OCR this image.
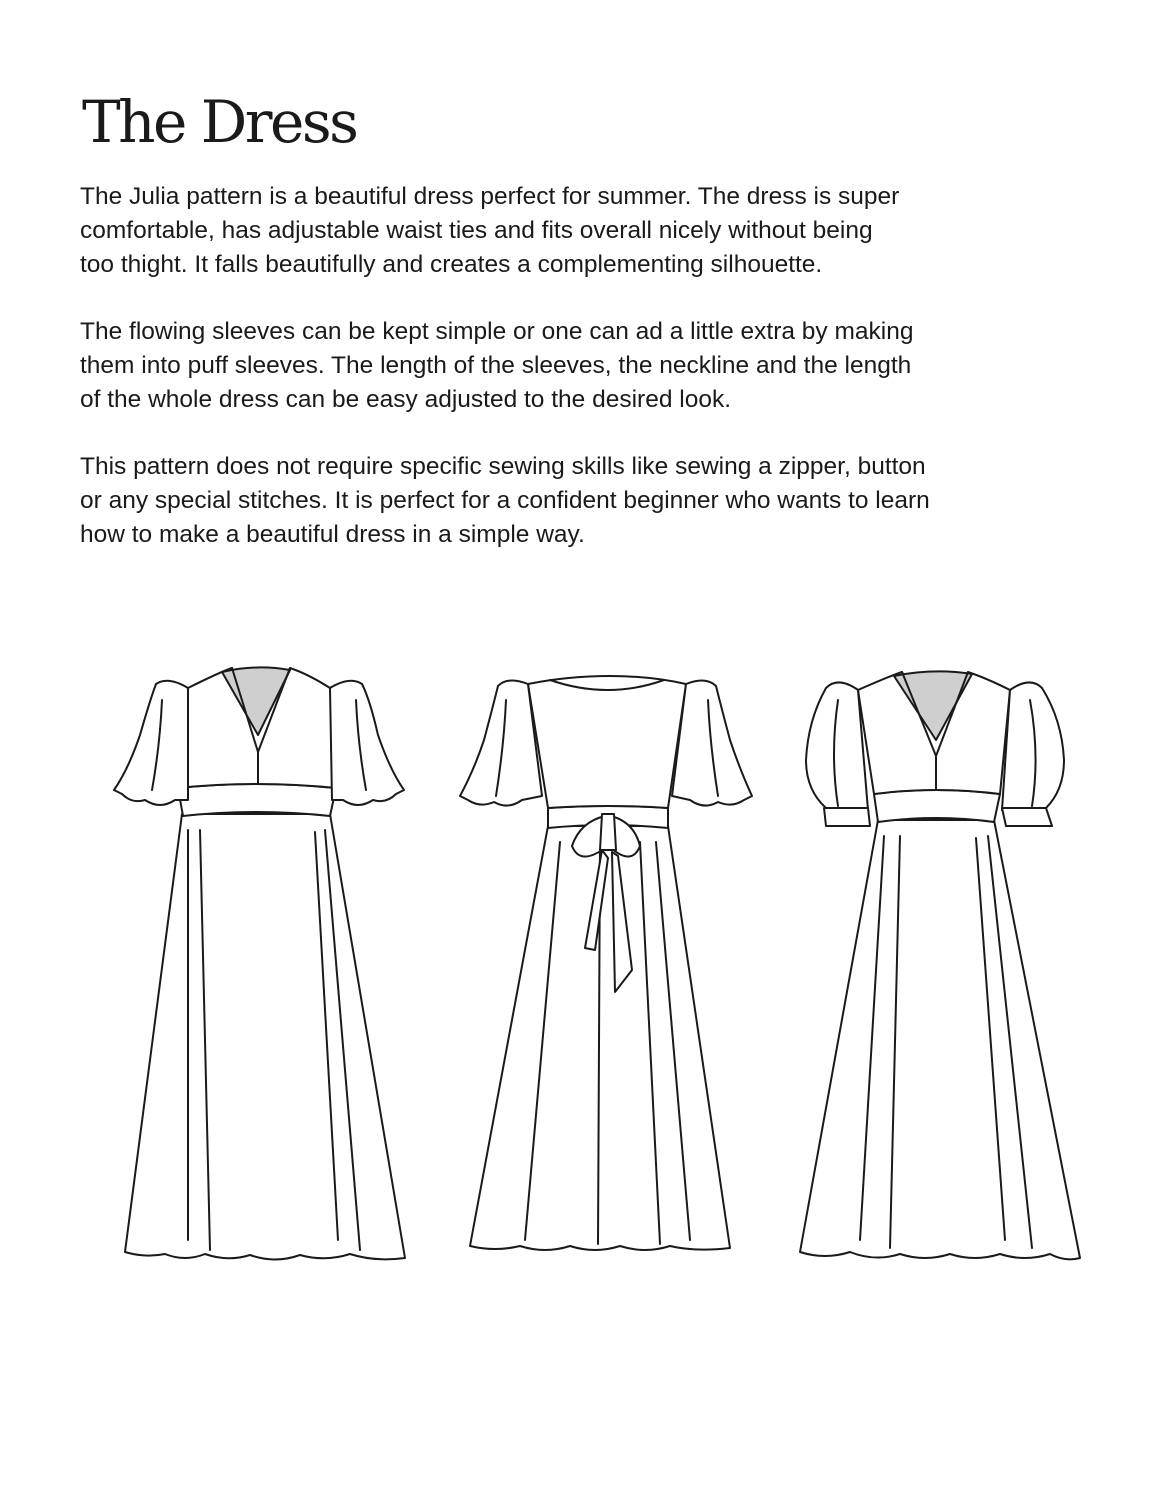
The Dress

The Julia pattern is a beautiful dress perfect for summer. The dress is super
comfortable, has adjustable waist ties and fits overall nicely without being
too thight. It falls beautifully and creates a complementing silhouette.

The flowing sleeves can be kept simple or one can ad a little extra by making
them into puff sleeves. The length of the sleeves, the neckline and the length
of the whole dress can be easy adjusted to the desired look.

This pattern does not require specific sewing skills like sewing a zipper, button
or any special stitches. It is perfect for a confident beginner who wants to learn
how to make a beautiful dress in a simple way.
